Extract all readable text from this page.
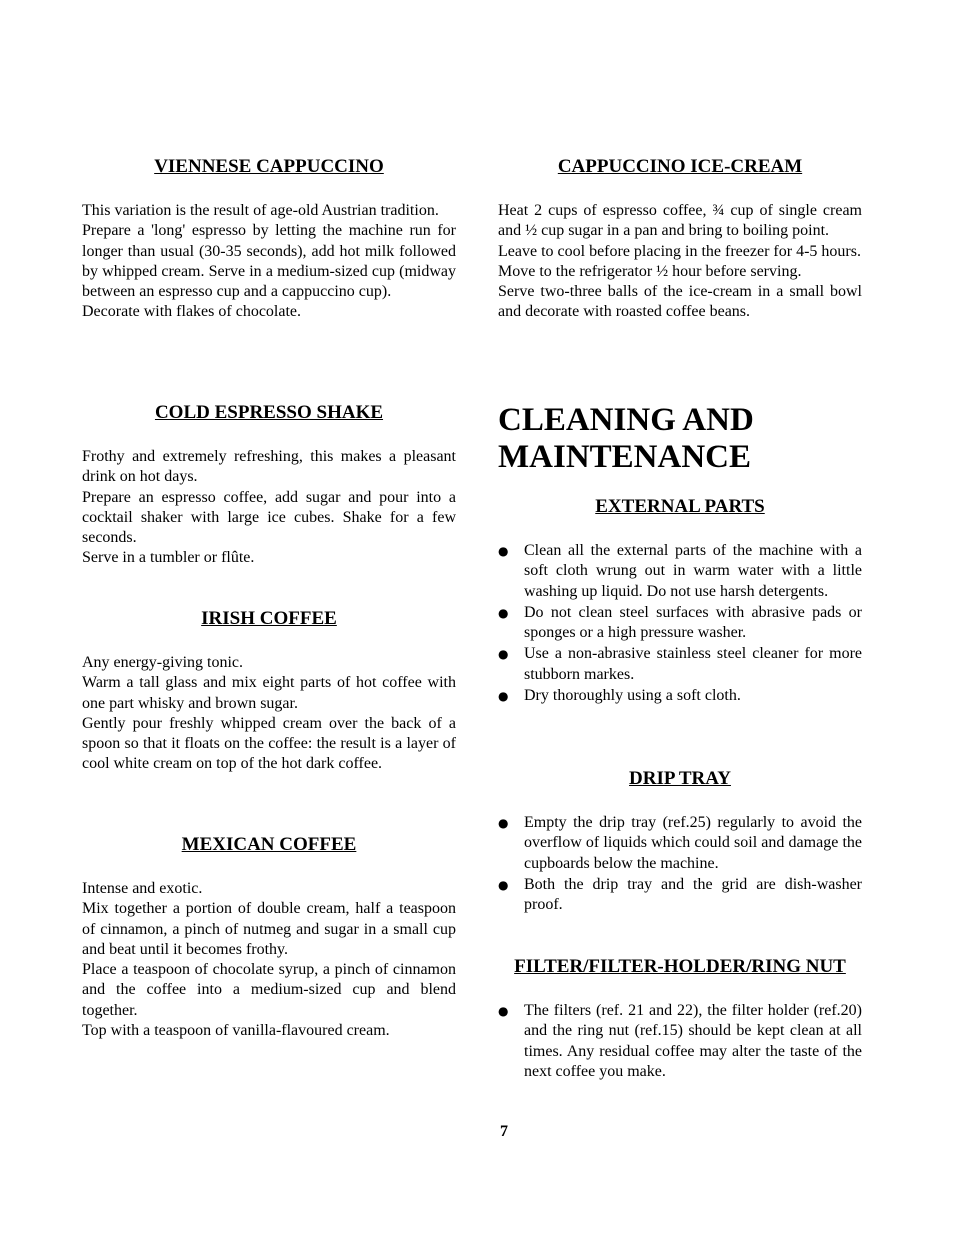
VIENNESE CAPPUCCINO

This variation is the result of age-old Austrian tradition.

Prepare a 'long' espresso by letting the machine run for longer than usual (30-35 seconds), add hot milk followed by whipped cream. Serve in a medium-sized cup (midway between an espresso cup and a cappuccino cup).

Decorate with flakes of chocolate.

COLD ESPRESSO SHAKE

Frothy and extremely refreshing, this makes a pleasant drink on hot days.

Prepare an espresso coffee, add sugar and pour into a cocktail shaker with large ice cubes. Shake for a few seconds.

Serve in a tumbler or flûte.

IRISH COFFEE

Any energy-giving tonic.

Warm a tall glass and mix eight parts of hot coffee with one part whisky and brown sugar.

Gently pour freshly whipped cream over the back of a spoon so that it floats on the coffee: the result is a layer of cool white cream on top of the hot dark coffee.

MEXICAN COFFEE

Intense and exotic.

Mix together a portion of double cream, half a teaspoon of cinnamon, a pinch of nutmeg and sugar in a small cup and beat until it becomes frothy.

Place a teaspoon of chocolate syrup, a pinch of cinnamon and the coffee into a medium-sized cup and blend together.

Top with a teaspoon of vanilla-flavoured cream.

CAPPUCCINO ICE-CREAM

Heat 2 cups of espresso coffee, ¾ cup of single cream and ½ cup sugar in a pan and bring to boiling point.

Leave to cool before placing in the freezer for 4-5 hours.

Move to the refrigerator ½ hour before serving.

Serve two-three balls of the ice-cream in a small bowl and decorate with roasted coffee beans.

CLEANING AND
MAINTENANCE
EXTERNAL PARTS
● Clean all the external parts of the machine with a soft cloth wrung out in warm water with a little washing up liquid. Do not use harsh detergents.
● Do not clean steel surfaces with abrasive pads or sponges or a high pressure washer.
● Use a non-abrasive stainless steel cleaner for more stubborn markes.
● Dry thoroughly using a soft cloth.
DRIP TRAY
● Empty the drip tray (ref.25) regularly to avoid the overflow of liquids which could soil and damage the cupboards below the machine.
● Both the drip tray and the grid are dish-washer proof.
FILTER/FILTER-HOLDER/RING NUT
● The filters (ref. 21 and 22), the filter holder (ref.20) and the ring nut (ref.15) should be kept clean at all times. Any residual coffee may alter the taste of the next coffee you make.
7
